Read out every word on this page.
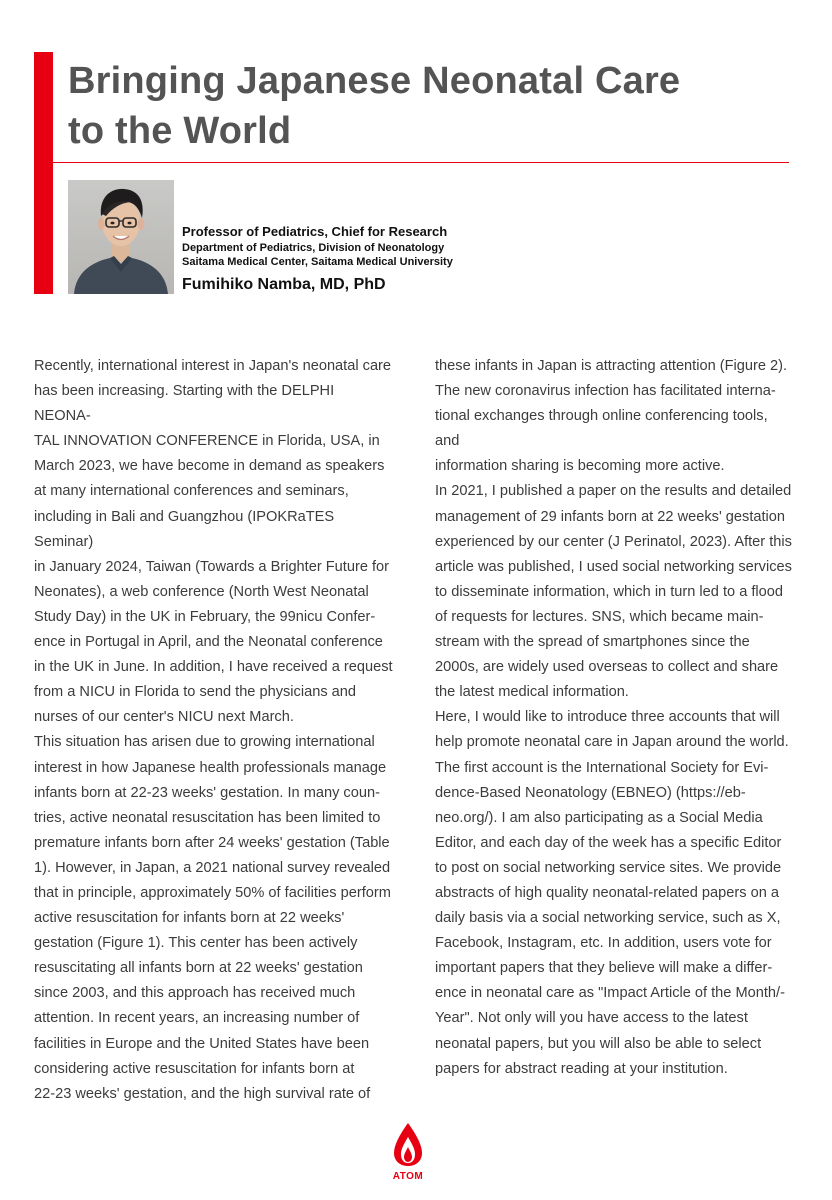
Bringing Japanese Neonatal Care
to the World
Professor of Pediatrics, Chief for Research
Department of Pediatrics, Division of Neonatology
Saitama Medical Center, Saitama Medical University
Fumihiko Namba, MD, PhD

Recently, international interest in Japan's neonatal care

has been increasing. Starting with the DELPHI NEONA-

TAL INNOVATION CONFERENCE in Florida, USA, in

March 2023, we have become in demand as speakers

at many international conferences and seminars,

including in Bali and Guangzhou (IPOKRaTES Seminar)

in January 2024, Taiwan (Towards a Brighter Future for

Neonates), a web conference (North West Neonatal

Study Day) in the UK in February, the 99nicu Confer-

ence in Portugal in April, and the Neonatal conference

in the UK in June. In addition, I have received a request

from a NICU in Florida to send the physicians and

nurses of our center's NICU next March.

This situation has arisen due to growing international

interest in how Japanese health professionals manage

infants born at 22-23 weeks' gestation. In many coun-

tries, active neonatal resuscitation has been limited to

premature infants born after 24 weeks' gestation (Table

1). However, in Japan, a 2021 national survey revealed

that in principle, approximately 50% of facilities perform

active resuscitation for infants born at 22 weeks'

gestation (Figure 1). This center has been actively

resuscitating all infants born at 22 weeks' gestation

since 2003, and this approach has received much

attention. In recent years, an increasing number of

facilities in Europe and the United States have been

considering active resuscitation for infants born at

22-23 weeks' gestation, and the high survival rate of

these infants in Japan is attracting attention (Figure 2).

The new coronavirus infection has facilitated interna-

tional exchanges through online conferencing tools, and

information sharing is becoming more active.

In 2021, I published a paper on the results and detailed

management of 29 infants born at 22 weeks' gestation

experienced by our center (J Perinatol, 2023). After this

article was published, I used social networking services

to disseminate information, which in turn led to a flood

of requests for lectures. SNS, which became main-

stream with the spread of smartphones since the

2000s, are widely used overseas to collect and share

the latest medical information.

Here, I would like to introduce three accounts that will

help promote neonatal care in Japan around the world.

The first account is the International Society for Evi-

dence-Based Neonatology (EBNEO) (https://eb-

neo.org/). I am also participating as a Social Media

Editor, and each day of the week has a specific Editor

to post on social networking service sites. We provide

abstracts of high quality neonatal-related papers on a

daily basis via a social networking service, such as X,

Facebook, Instagram, etc. In addition, users vote for

important papers that they believe will make a differ-

ence in neonatal care as "Impact Article of the Month/-

Year". Not only will you have access to the latest

neonatal papers, but you will also be able to select

papers for abstract reading at your institution.

ATOM
